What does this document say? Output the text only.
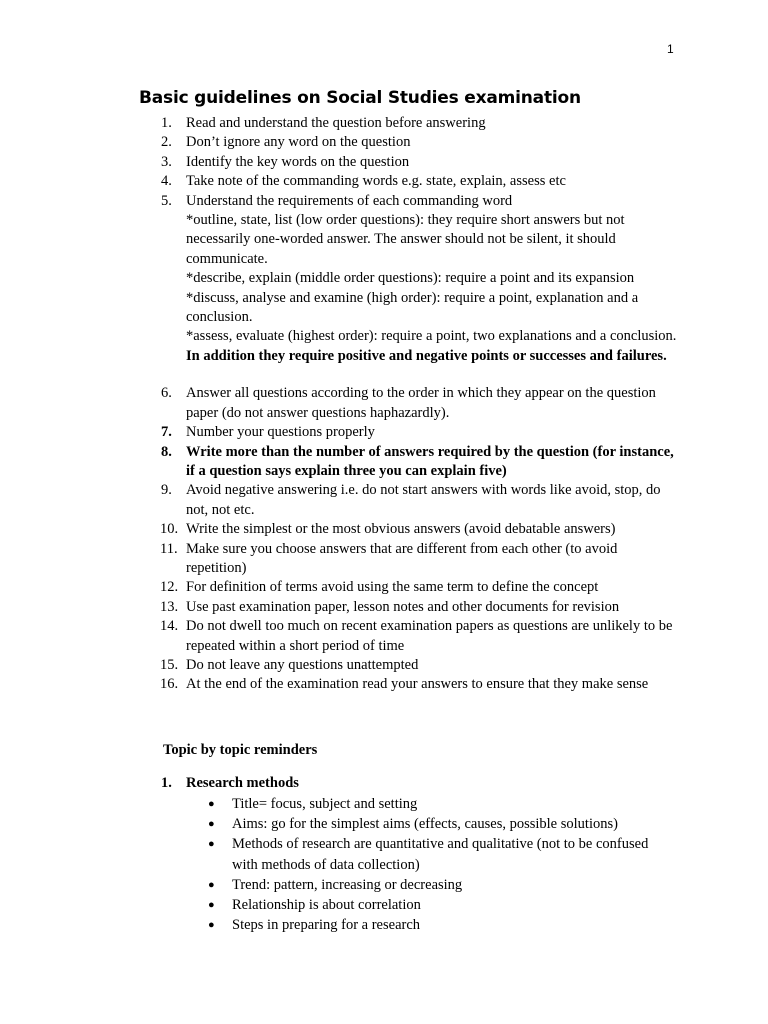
1
Basic guidelines on Social Studies examination
1. Read and understand the question before answering
2. Don’t ignore any word on the question
3. Identify the key words on the question
4. Take note of the commanding words e.g. state, explain, assess etc
5. Understand the requirements of each commanding word
*outline, state, list (low order questions): they require short answers but not necessarily one-worded answer. The answer should not be silent, it should communicate.
*describe, explain (middle order questions): require a point and its expansion
*discuss, analyse and examine (high order): require a point, explanation and a conclusion.
*assess, evaluate (highest order): require a point, two explanations and a conclusion. In addition they require positive and negative points or successes and failures.
6. Answer all questions according to the order in which they appear on the question paper (do not answer questions haphazardly).
7. Number your questions properly
8. Write more than the number of answers required by the question (for instance, if a question says explain three you can explain five)
9. Avoid negative answering i.e. do not start answers with words like avoid, stop, do not, not etc.
10. Write the simplest or the most obvious answers (avoid debatable answers)
11. Make sure you choose answers that are different from each other (to avoid repetition)
12. For definition of terms avoid using the same term to define the concept
13. Use past examination paper, lesson notes and other documents for revision
14. Do not dwell too much on recent examination papers as questions are unlikely to be repeated within a short period of time
15. Do not leave any questions unattempted
16. At the end of the examination read your answers to ensure that they make sense
Topic by topic reminders
1. Research methods
● Title= focus, subject and setting
● Aims: go for the simplest aims (effects, causes, possible solutions)
● Methods of research are quantitative and qualitative (not to be confused with methods of data collection)
● Trend: pattern, increasing or decreasing
● Relationship is about correlation
● Steps in preparing for a research
